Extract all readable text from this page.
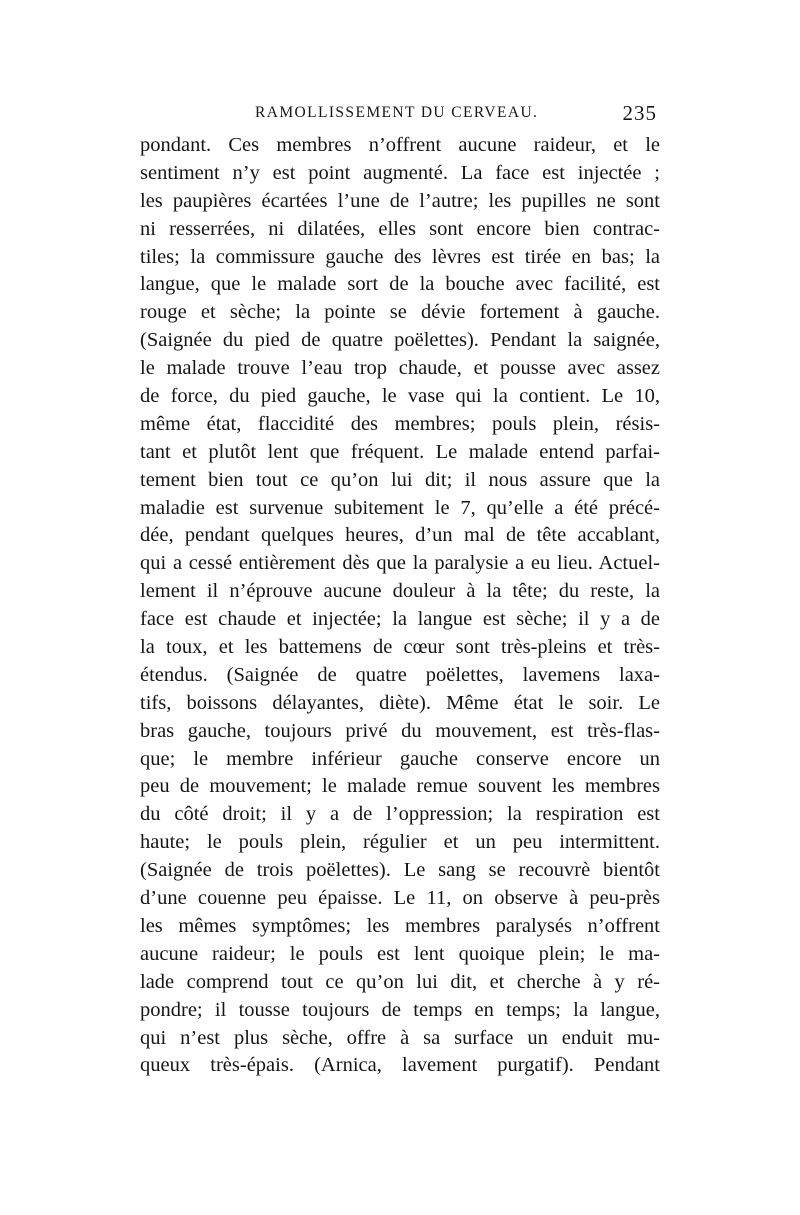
RAMOLLISSEMENT DU CERVEAU.	235
pondant. Ces membres n’offrent aucune raideur, et le
sentiment n’y est point augmenté. La face est injectée ;
les paupières écartées l’une de l’autre; les pupilles ne sont
ni resserrées, ni dilatées, elles sont encore bien contrac-
tiles; la commissure gauche des lèvres est tirée en bas; la
langue, que le malade sort de la bouche avec facilité, est
rouge et sèche; la pointe se dévie fortement à gauche.
(Saignée du pied de quatre poëlettes). Pendant la saignée,
le malade trouve l’eau trop chaude, et pousse avec assez
de force, du pied gauche, le vase qui la contient. Le 10,
même état, flaccidité des membres; pouls plein, résis-
tant et plutôt lent que fréquent. Le malade entend parfai-
tement bien tout ce qu’on lui dit; il nous assure que la
maladie est survenue subitement le 7, qu’elle a été précé-
dée, pendant quelques heures, d’un mal de tête accablant,
qui a cessé entièrement dès que la paralysie a eu lieu. Actuel-
lement il n’éprouve aucune douleur à la tête; du reste, la
face est chaude et injectée; la langue est sèche; il y a de
la toux, et les battemens de cœur sont très-pleins et très-
étendus. (Saignée de quatre poëlettes, lavemens laxa-
tifs, boissons délayantes, diète). Même état le soir. Le
bras gauche, toujours privé du mouvement, est très-flas-
que; le membre inférieur gauche conserve encore un
peu de mouvement; le malade remue souvent les membres
du côté droit; il y a de l’oppression; la respiration est
haute; le pouls plein, régulier et un peu intermittent.
(Saignée de trois poëlettes). Le sang se recouvrè bientôt
d’une couenne peu épaisse. Le 11, on observe à peu-près
les mêmes symptômes; les membres paralysés n’offrent
aucune raideur; le pouls est lent quoique plein; le ma-
lade comprend tout ce qu’on lui dit, et cherche à y ré-
pondre; il tousse toujours de temps en temps; la langue,
qui n’est plus sèche, offre à sa surface un enduit mu-
queux très-épais. (Arnica, lavement purgatif). Pendant
